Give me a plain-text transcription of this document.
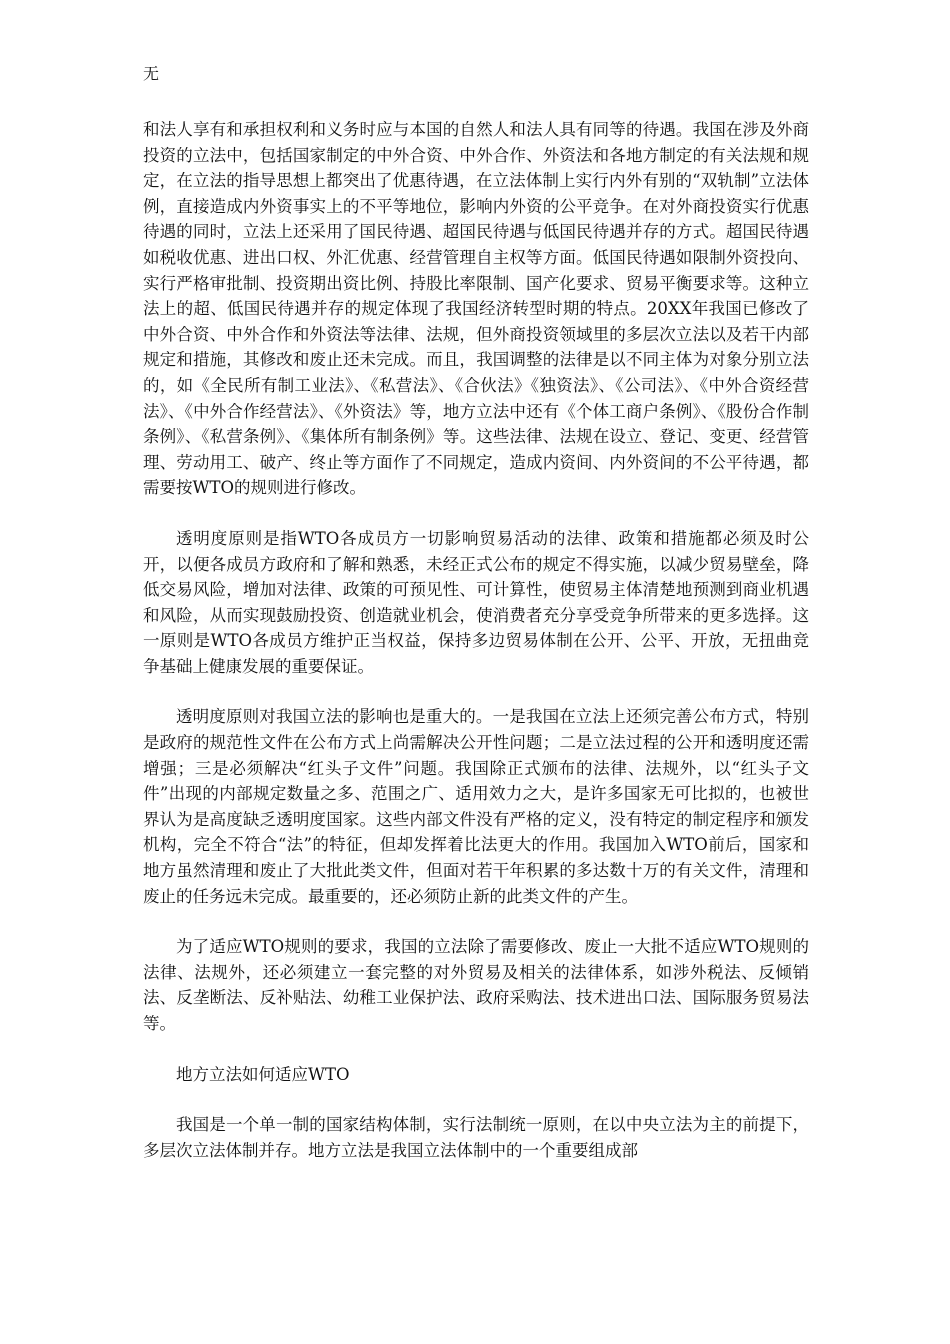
无

和法人享有和承担权利和义务时应与本国的自然人和法人具有同等的待遇。我国在涉及外商投资的立法中，包括国家制定的中外合资、中外合作、外资法和各地方制定的有关法规和规定，在立法的指导思想上都突出了优惠待遇，在立法体制上实行内外有别的“双轨制”立法体例，直接造成内外资事实上的不平等地位，影响内外资的公平竞争。在对外商投资实行优惠待遇的同时，立法上还采用了国民待遇、超国民待遇与低国民待遇并存的方式。超国民待遇如税收优惠、进出口权、外汇优惠、经营管理自主权等方面。低国民待遇如限制外资投向、实行严格审批制、投资期出资比例、持股比率限制、国产化要求、贸易平衡要求等。这种立法上的超、低国民待遇并存的规定体现了我国经济转型时期的特点。20XX年我国已修改了中外合资、中外合作和外资法等法律、法规，但外商投资领域里的多层次立法以及若干内部规定和措施，其修改和废止还未完成。而且，我国调整的法律是以不同主体为对象分别立法的，如《全民所有制工业法》、《私营法》、《合伙法》《独资法》、《公司法》、《中外合资经营法》、《中外合作经营法》、《外资法》等，地方立法中还有《个体工商户条例》、《股份合作制条例》、《私营条例》、《集体所有制条例》等。这些法律、法规在设立、登记、变更、经营管理、劳动用工、破产、终止等方面作了不同规定，造成内资间、内外资间的不公平待遇，都需要按WTO的规则进行修改。

透明度原则是指WTO各成员方一切影响贸易活动的法律、政策和措施都必须及时公开，以便各成员方政府和了解和熟悉，未经正式公布的规定不得实施，以减少贸易壁垒，降低交易风险，增加对法律、政策的可预见性、可计算性，使贸易主体清楚地预测到商业机遇和风险，从而实现鼓励投资、创造就业机会，使消费者充分享受竞争所带来的更多选择。这一原则是WTO各成员方维护正当权益，保持多边贸易体制在公开、公平、开放，无扭曲竞争基础上健康发展的重要保证。

透明度原则对我国立法的影响也是重大的。一是我国在立法上还须完善公布方式，特别是政府的规范性文件在公布方式上尚需解决公开性问题；二是立法过程的公开和透明度还需增强；三是必须解决“红头子文件”问题。我国除正式颁布的法律、法规外，以“红头子文件”出现的内部规定数量之多、范围之广、适用效力之大，是许多国家无可比拟的，也被世界认为是高度缺乏透明度国家。这些内部文件没有严格的定义，没有特定的制定程序和颁发机构，完全不符合“法”的特征，但却发挥着比法更大的作用。我国加入WTO前后，国家和地方虽然清理和废止了大批此类文件，但面对若干年积累的多达数十万的有关文件，清理和废止的任务远未完成。最重要的，还必须防止新的此类文件的产生。

为了适应WTO规则的要求，我国的立法除了需要修改、废止一大批不适应WTO规则的法律、法规外，还必须建立一套完整的对外贸易及相关的法律体系，如涉外税法、反倾销法、反垄断法、反补贴法、幼稚工业保护法、政府采购法、技术进出口法、国际服务贸易法等。

地方立法如何适应WTO

我国是一个单一制的国家结构体制，实行法制统一原则，在以中央立法为主的前提下，多层次立法体制并存。地方立法是我国立法体制中的一个重要组成部
